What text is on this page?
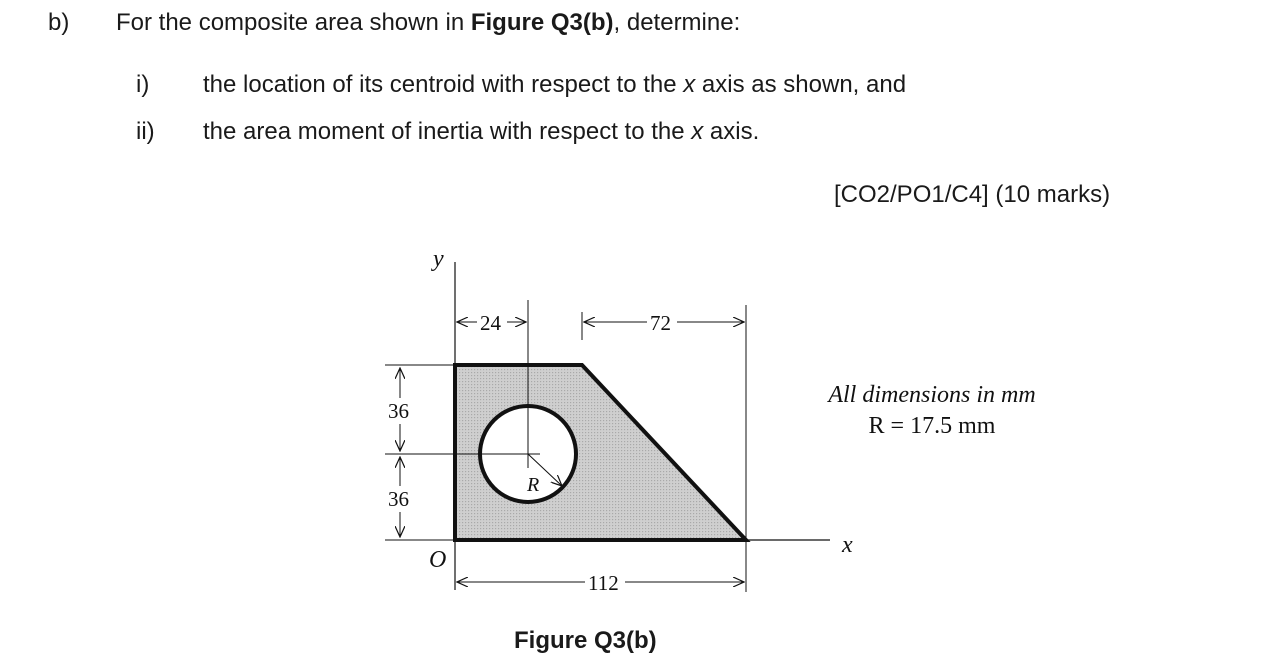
b) For the composite area shown in Figure Q3(b), determine:
i) the location of its centroid with respect to the x axis as shown, and
ii) the area moment of inertia with respect to the x axis.
[CO2/PO1/C4] (10 marks)
y
x
O
24	72
112
36
36
R
All dimensions in mm
R = 17.5 mm
Figure Q3(b)
